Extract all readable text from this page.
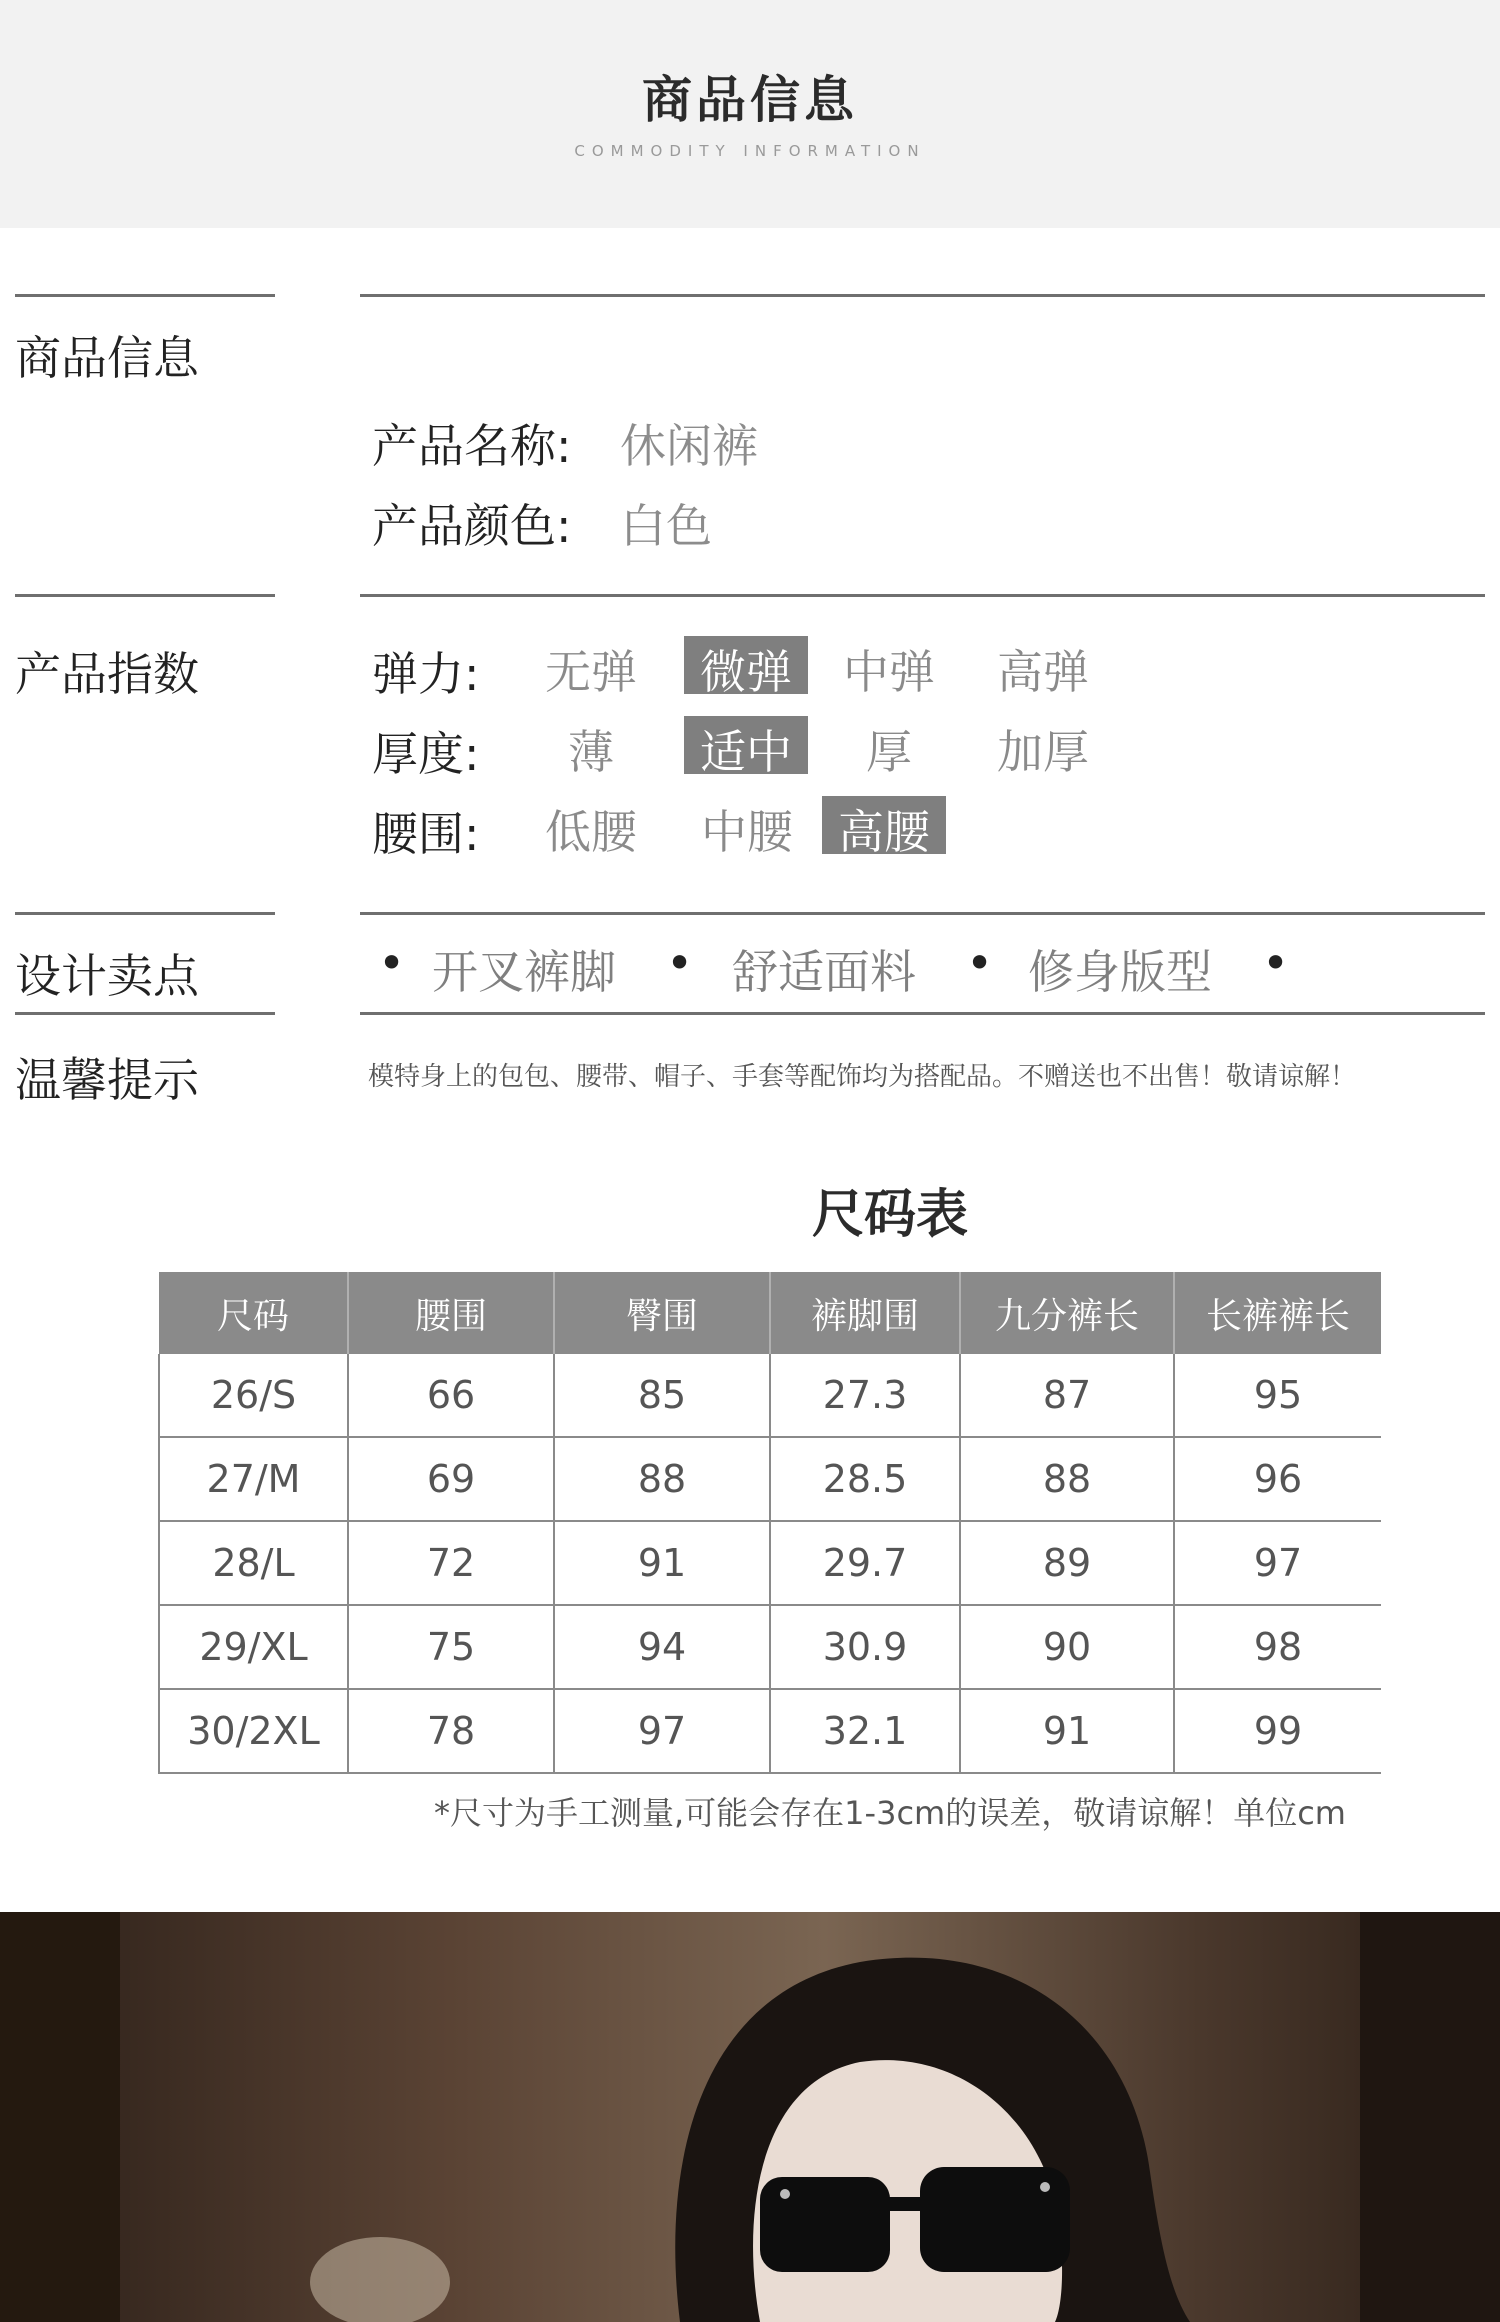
商品信息
COMMODITY INFORMATION
商品信息
产品名称: 休闲裤
产品颜色: 白色
产品指数	弹力: 无弹	微弹	中弹 高弹
厚度:	薄	适中	厚	加厚
腰围: 低腰 中腰 高腰
设计卖点	• 开叉裤脚 • 舒适面料 • 修身版型 •
温馨提示	模特身上的包包、腰带、帽子、手套等配饰均为搭配品。不赠送也不出售！敬请谅解！
尺码表
尺码	腰围	臀围	裤脚围	九分裤长	长裤裤长
26/S	66	85	27.3	87	95
27/M	69	88	28.5	88	96
28/L	72	91	29.7	89	97
29/XL	75	94	30.9	90	98
30/2XL	78	97	32.1	91	99
*尺寸为手工测量,可能会存在1-3cm的误差，敬请谅解！单位cm
